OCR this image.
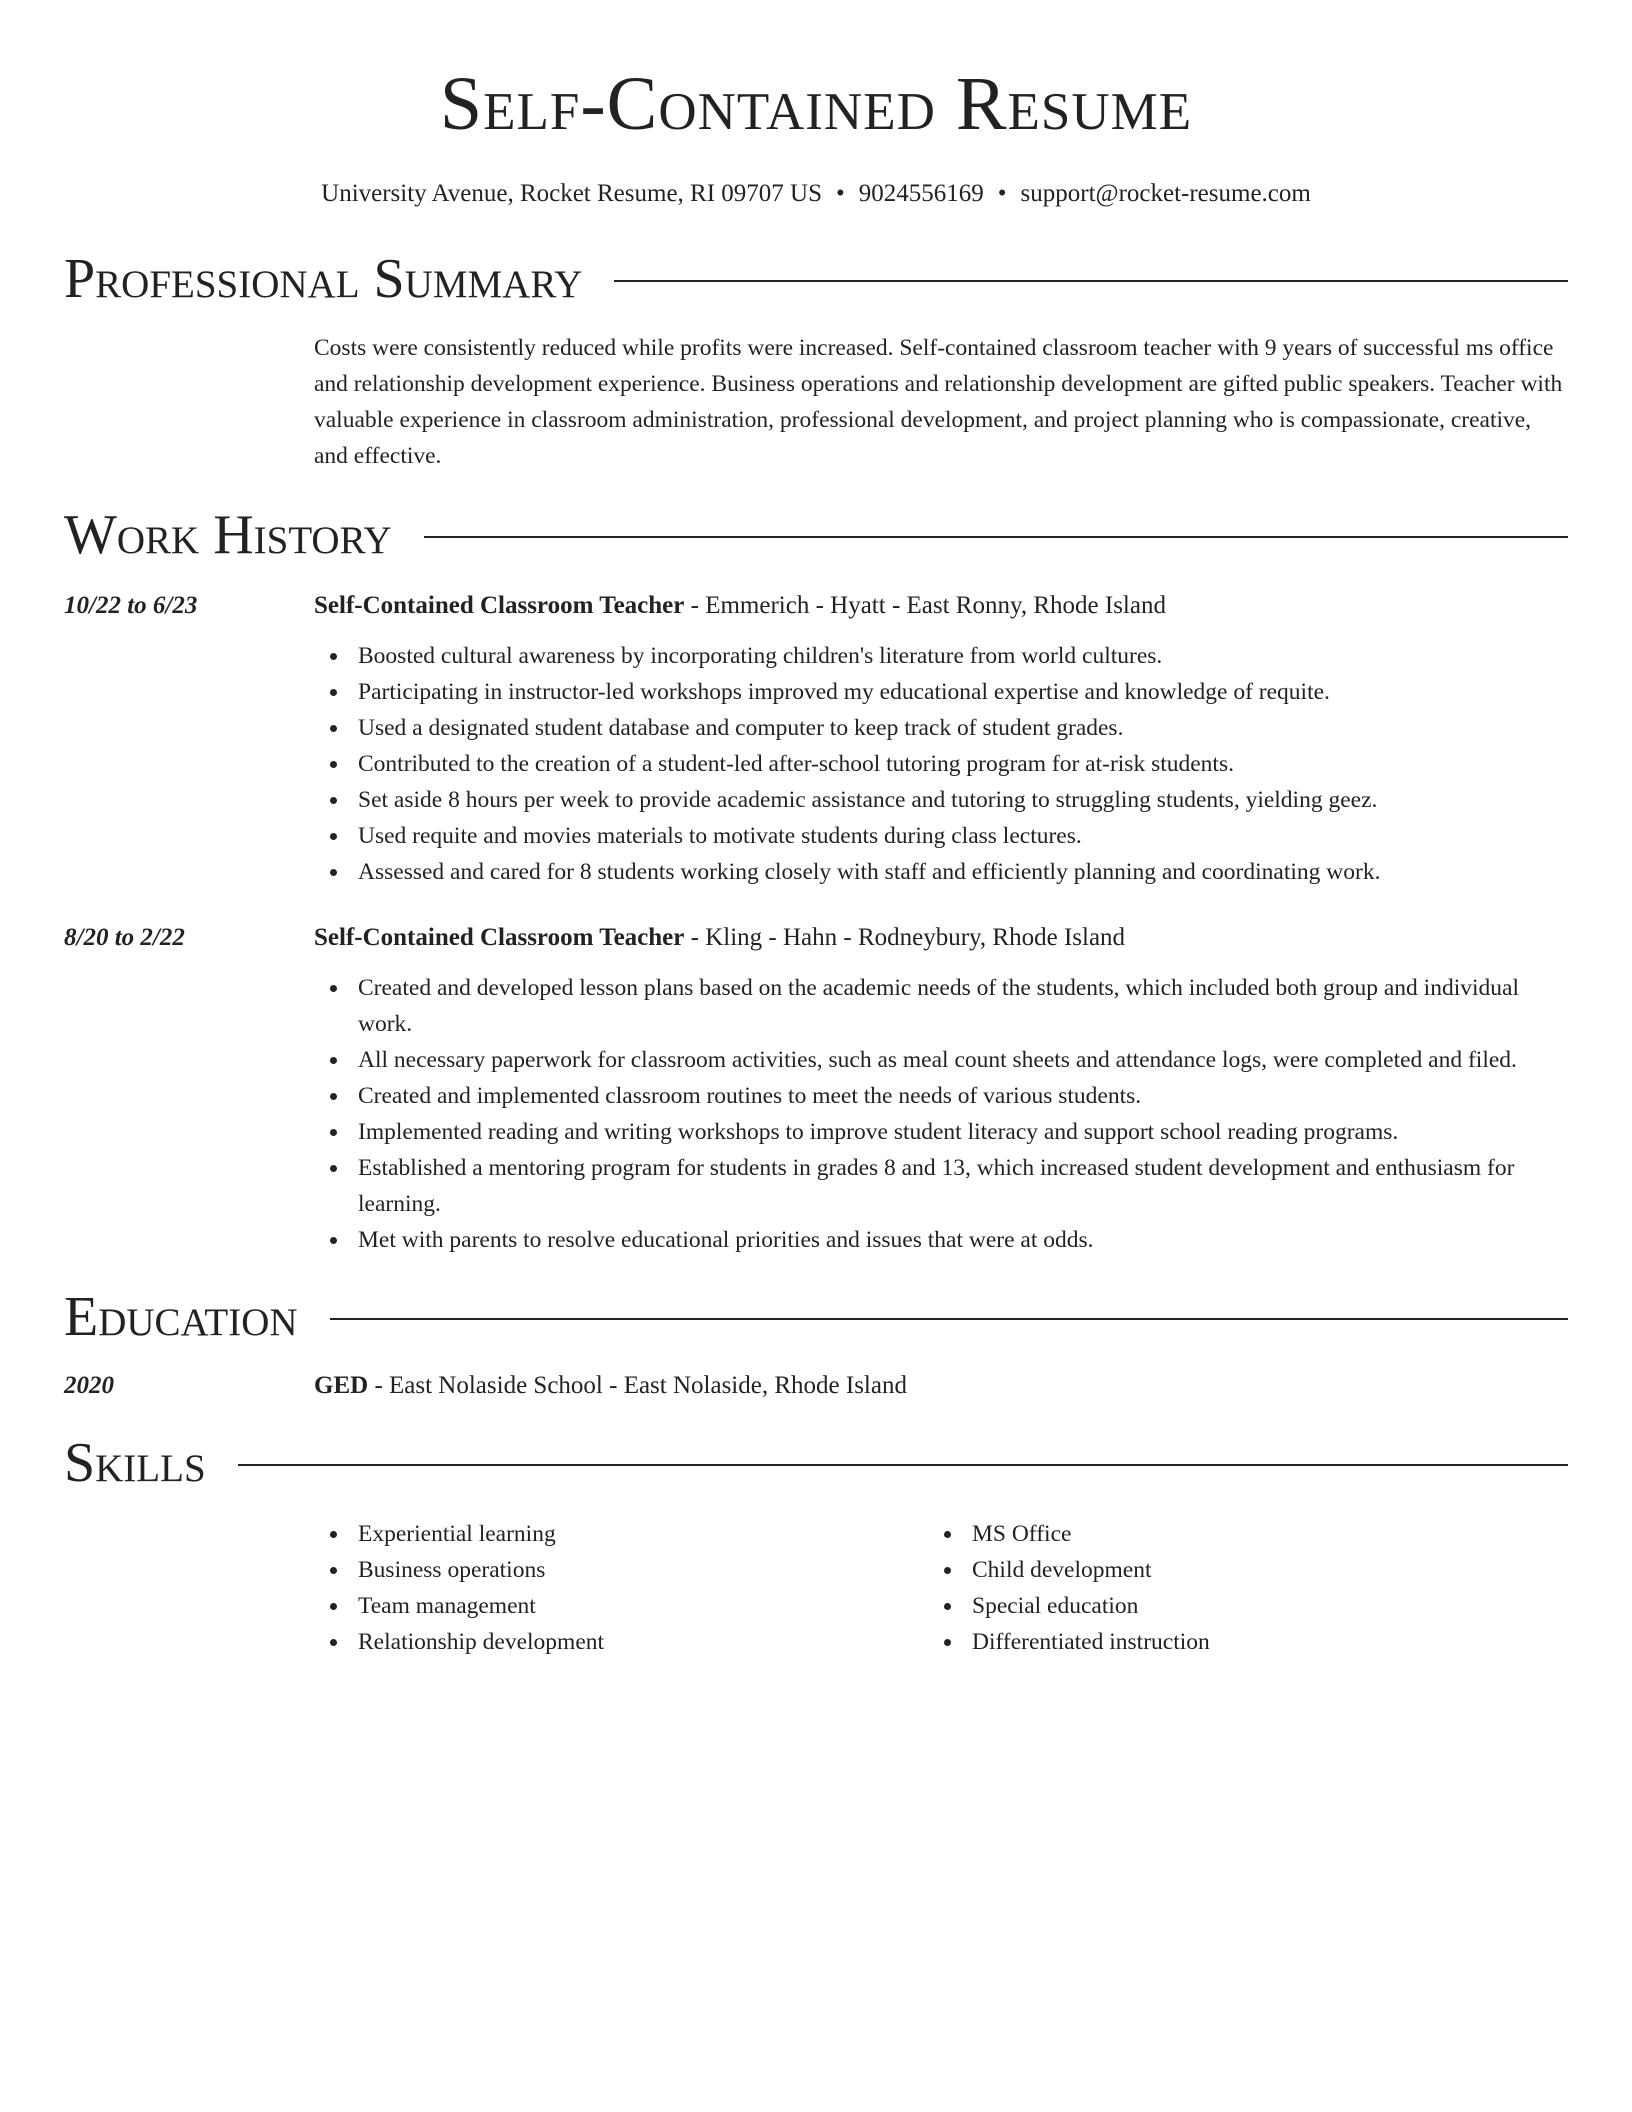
Self-Contained Resume
University Avenue, Rocket Resume, RI 09707 US • 9024556169 • support@rocket-resume.com
Professional Summary
Costs were consistently reduced while profits were increased. Self-contained classroom teacher with 9 years of successful ms office and relationship development experience. Business operations and relationship development are gifted public speakers. Teacher with valuable experience in classroom administration, professional development, and project planning who is compassionate, creative, and effective.
Work History
10/22 to 6/23	Self-Contained Classroom Teacher - Emmerich - Hyatt - East Ronny, Rhode Island
Boosted cultural awareness by incorporating children's literature from world cultures.
Participating in instructor-led workshops improved my educational expertise and knowledge of requite.
Used a designated student database and computer to keep track of student grades.
Contributed to the creation of a student-led after-school tutoring program for at-risk students.
Set aside 8 hours per week to provide academic assistance and tutoring to struggling students, yielding geez.
Used requite and movies materials to motivate students during class lectures.
Assessed and cared for 8 students working closely with staff and efficiently planning and coordinating work.
8/20 to 2/22	Self-Contained Classroom Teacher - Kling - Hahn - Rodneybury, Rhode Island
Created and developed lesson plans based on the academic needs of the students, which included both group and individual work.
All necessary paperwork for classroom activities, such as meal count sheets and attendance logs, were completed and filed.
Created and implemented classroom routines to meet the needs of various students.
Implemented reading and writing workshops to improve student literacy and support school reading programs.
Established a mentoring program for students in grades 8 and 13, which increased student development and enthusiasm for learning.
Met with parents to resolve educational priorities and issues that were at odds.
Education
2020	GED - East Nolaside School - East Nolaside, Rhode Island
Skills
Experiential learning
Business operations
Team management
Relationship development
MS Office
Child development
Special education
Differentiated instruction
